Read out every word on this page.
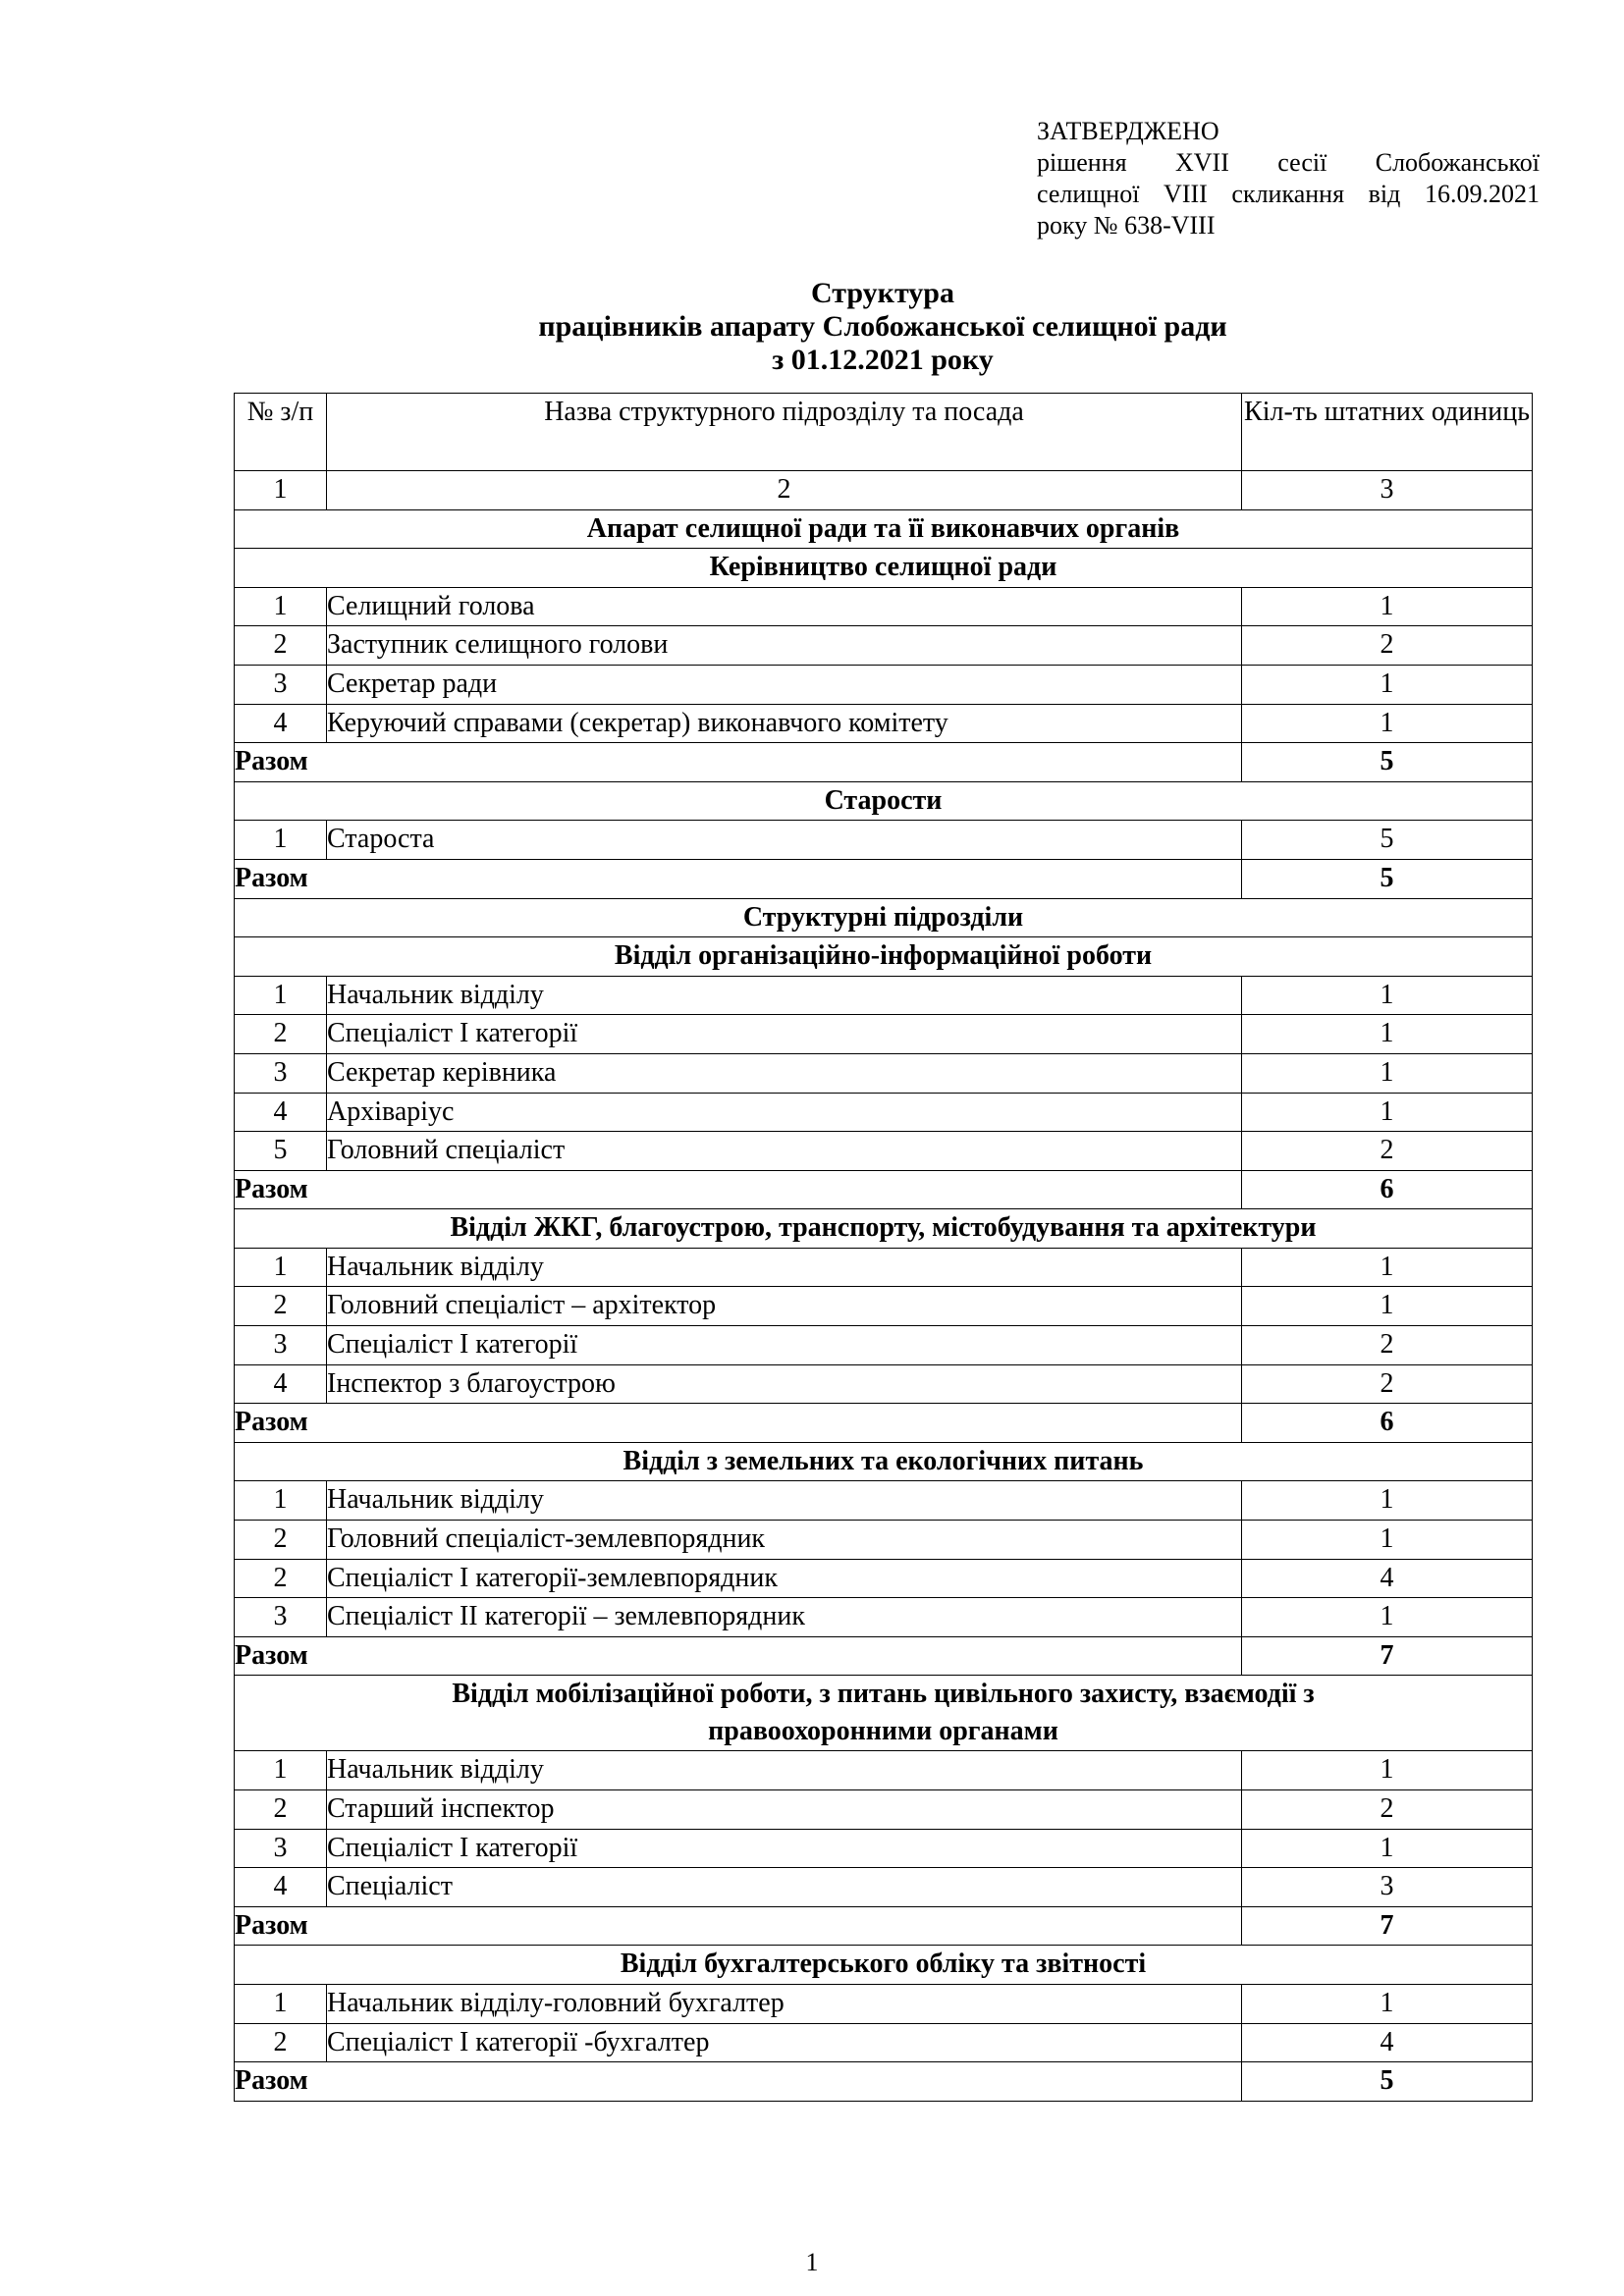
ЗАТВЕРДЖЕНО
рішення XVII сесії Слобожанської
селищної VIII скликання від 16.09.2021
року № 638-VIII
Структура
працівників апарату Слобожанської селищної ради
з 01.12.2021 року
№ з/п	Назва структурного підрозділу та посада	Кіл-ть штатних одиниць
1	2	3
Апарат селищної ради та її виконавчих органів		
Керівництво селищної ради		
1	Селищний голова	1
2	Заступник селищного голови	2
3	Секретар ради	1
4	Керуючий справами (секретар) виконавчого комітету	1
Разом		5
Старости		
1	Староста	5
Разом		5
Структурні підрозділи		
Відділ організаційно-інформаційної роботи		
1	Начальник відділу	1
2	Спеціаліст І категорії	1
3	Секретар керівника	1
4	Архіваріус	1
5	Головний спеціаліст	2
Разом		6
Відділ ЖКГ, благоустрою, транспорту, містобудування та архітектури		
1	Начальник відділу	1
2	Головний спеціаліст – архітектор	1
3	Спеціаліст І категорії	2
4	Інспектор з благоустрою	2
Разом		6
Відділ з земельних та екологічних питань		
1	Начальник відділу	1
2	Головний спеціаліст-землевпорядник	1
2	Спеціаліст І категорії-землевпорядник	4
3	Спеціаліст ІІ категорії – землевпорядник	1
Разом		7

Відділ мобілізаційної роботи, з питань цивільного захисту, взаємодії з
правоохоронними органами		

1	Начальник відділу	1
2	Старший інспектор	2
3	Спеціаліст І категорії	1
4	Спеціаліст	3
Разом		7
Відділ бухгалтерського обліку та звітності		
1	Начальник відділу-головний бухгалтер	1
2	Спеціаліст І категорії -бухгалтер	4
Разом		5
1
